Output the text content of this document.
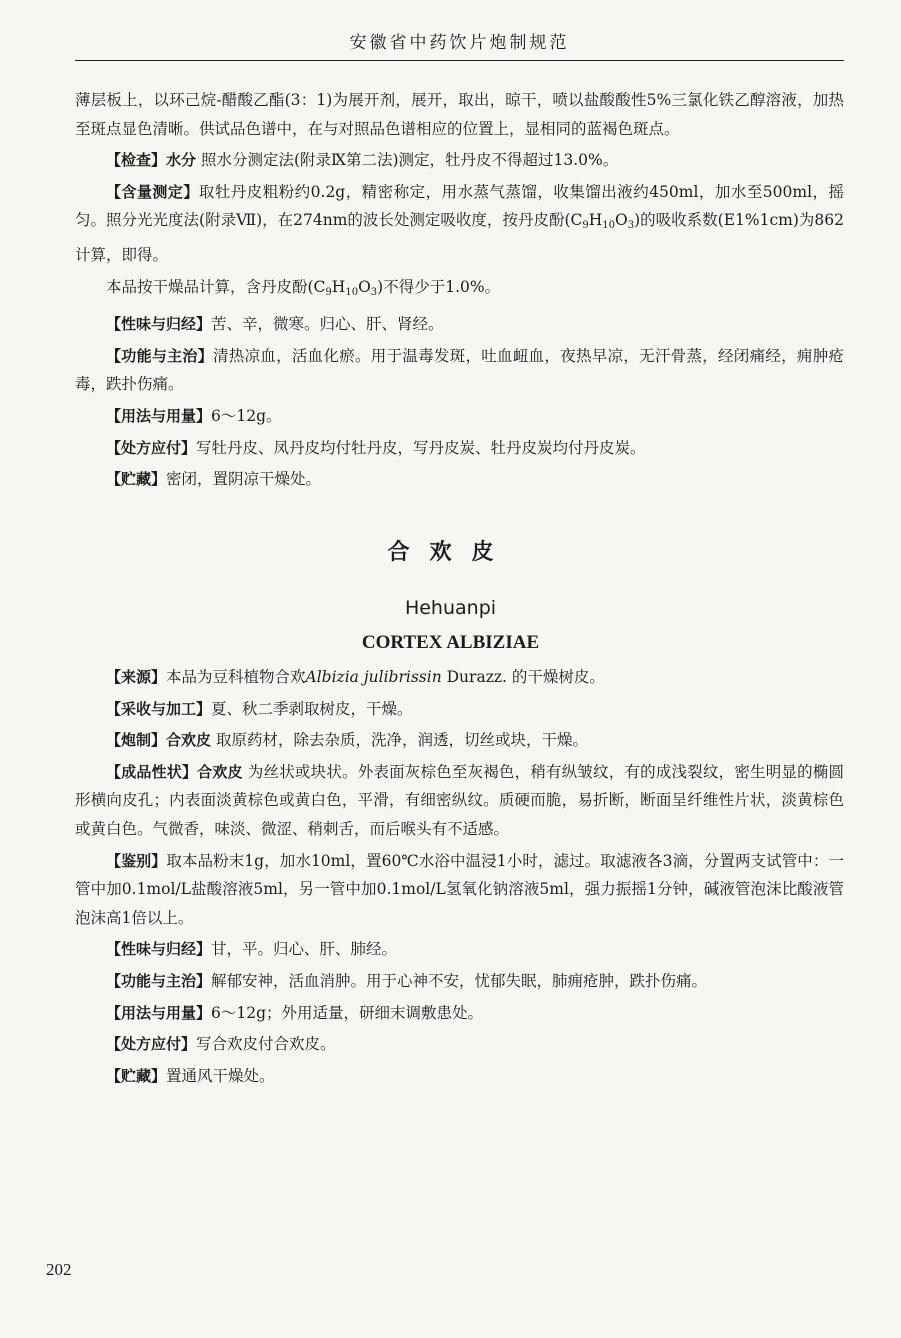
安徽省中药饮片炮制规范

薄层板上，以环己烷-醋酸乙酯(3：1)为展开剂，展开，取出，晾干，喷以盐酸酸性5%三氯化铁乙醇溶液，加热至斑点显色清晰。供试品色谱中，在与对照品色谱相应的位置上，显相同的蓝褐色斑点。

【检查】水分 照水分测定法(附录Ⅸ第二法)测定，牡丹皮不得超过13.0%。

【含量测定】取牡丹皮粗粉约0.2g，精密称定，用水蒸气蒸馏，收集馏出液约450ml，加水至500ml，摇匀。照分光光度法(附录Ⅶ)，在274nm的波长处测定吸收度，按丹皮酚$(C_9H_{10}O_3)$的吸收系数(E1%1cm)为862计算，即得。

本品按干燥品计算，含丹皮酚$(C_9H_{10}O_3)$不得少于1.0%。

【性味与归经】苦、辛，微寒。归心、肝、肾经。

【功能与主治】清热凉血，活血化瘀。用于温毒发斑，吐血衄血，夜热早凉，无汗骨蒸，经闭痛经，痈肿疮毒，跌扑伤痛。

【用法与用量】6～12g。

【处方应付】写牡丹皮、凤丹皮均付牡丹皮，写丹皮炭、牡丹皮炭均付丹皮炭。

【贮藏】密闭，置阴凉干燥处。

合欢皮
Hehuanpi
CORTEX ALBIZIAE

【来源】本品为豆科植物合欢Albizia julibrissin Durazz. 的干燥树皮。

【采收与加工】夏、秋二季剥取树皮，干燥。

【炮制】合欢皮 取原药材，除去杂质，洗净，润透，切丝或块，干燥。

【成品性状】合欢皮 为丝状或块状。外表面灰棕色至灰褐色，稍有纵皱纹，有的成浅裂纹，密生明显的椭圆形横向皮孔；内表面淡黄棕色或黄白色，平滑，有细密纵纹。质硬而脆，易折断，断面呈纤维性片状，淡黄棕色或黄白色。气微香，味淡、微涩、稍刺舌，而后喉头有不适感。

【鉴别】取本品粉末1g，加水10ml，置60℃水浴中温浸1小时，滤过。取滤液各3滴，分置两支试管中：一管中加0.1mol/L盐酸溶液5ml，另一管中加0.1mol/L氢氧化钠溶液5ml，强力振摇1分钟，碱液管泡沫比酸液管泡沫高1倍以上。

【性味与归经】甘，平。归心、肝、肺经。

【功能与主治】解郁安神，活血消肿。用于心神不安，忧郁失眠，肺痈疮肿，跌扑伤痛。

【用法与用量】6～12g；外用适量，研细末调敷患处。

【处方应付】写合欢皮付合欢皮。

【贮藏】置通风干燥处。

202
